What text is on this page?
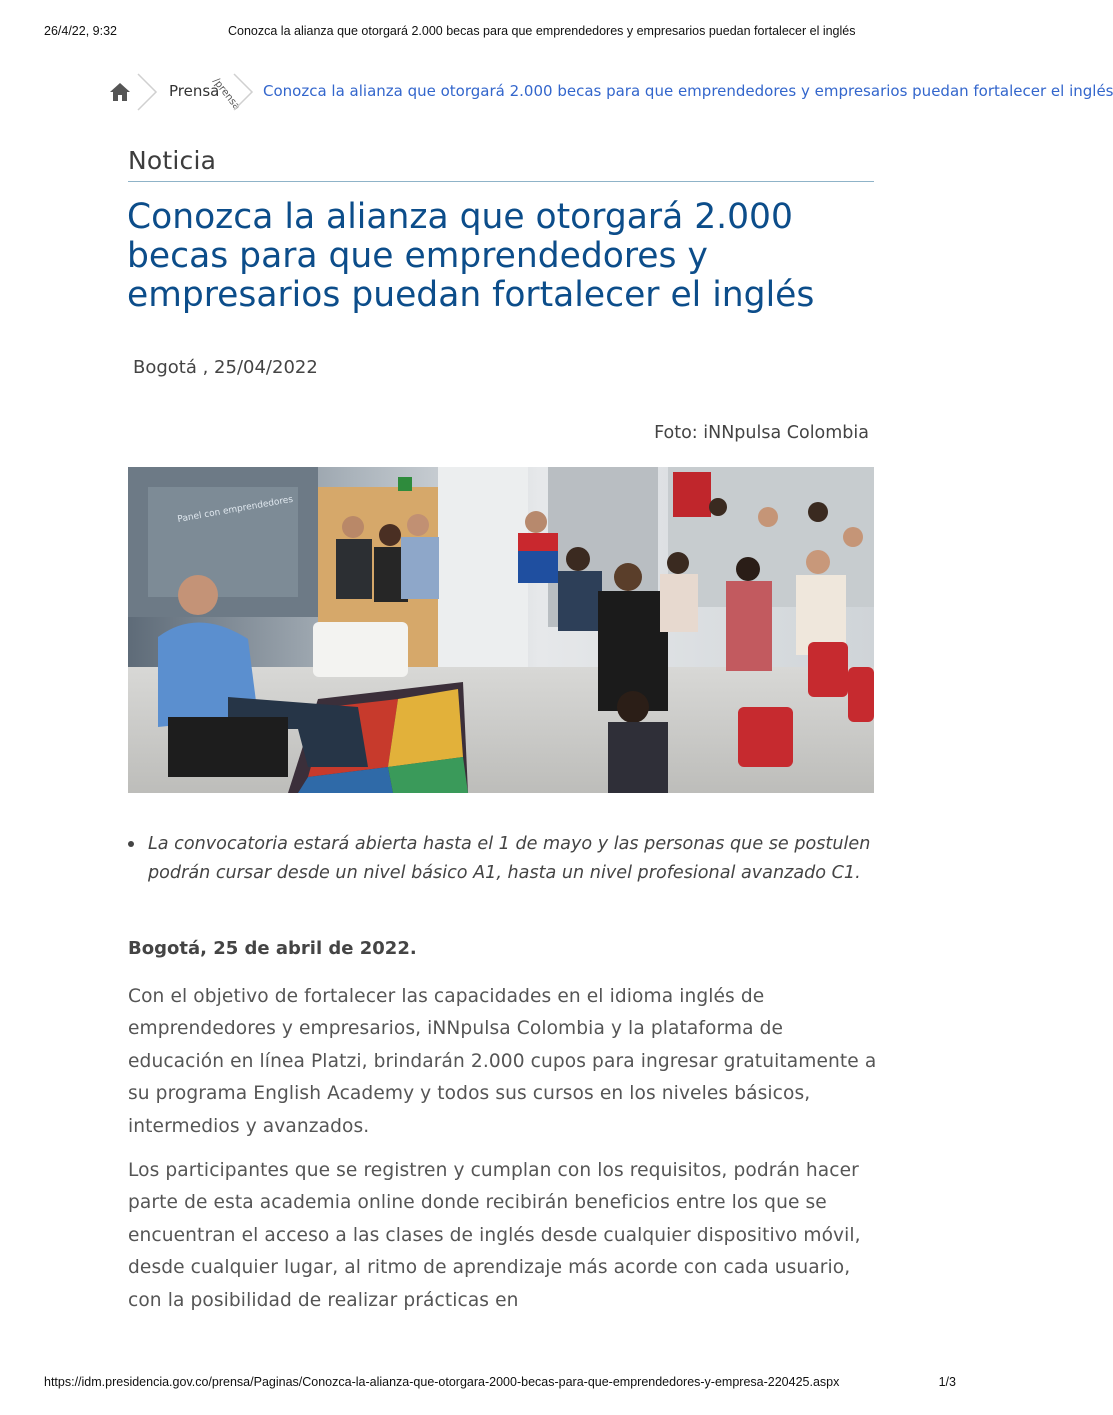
26/4/22, 9:32	Conozca la alianza que otorgará 2.000 becas para que emprendedores y empresarios puedan fortalecer el inglés
Prensa
/prensa Conozca la alianza que otorgará 2.000 becas para que emprendedores y empresarios puedan fortalecer el inglés
Noticia
Conozca la alianza que otorgará 2.000 becas para que emprendedores y empresarios puedan fortalecer el inglés
Bogotá , 25/04/2022
Foto: iNNpulsa Colombia
Panel con emprendedores
La convocatoria estará abierta hasta el 1 de mayo y las personas que se postulen podrán cursar desde un nivel básico A1, hasta un nivel profesional avanzado C1.
Bogotá, 25 de abril de 2022.

Con el objetivo de fortalecer las capacidades en el idioma inglés de emprendedores y empresarios, iNNpulsa Colombia y la plataforma de educación en línea Platzi, brindarán 2.000 cupos para ingresar gratuitamente a su programa English Academy y todos sus cursos en los niveles básicos, intermedios y avanzados.

Los participantes que se registren y cumplan con los requisitos, podrán hacer parte de esta academia online donde recibirán beneficios entre los que se encuentran el acceso a las clases de inglés desde cualquier dispositivo móvil, desde cualquier lugar, al ritmo de aprendizaje más acorde con cada usuario, con la posibilidad de realizar prácticas en

https://idm.presidencia.gov.co/prensa/Paginas/Conozca-la-alianza-que-otorgara-2000-becas-para-que-emprendedores-y-empresa-220425.aspx	1/3
